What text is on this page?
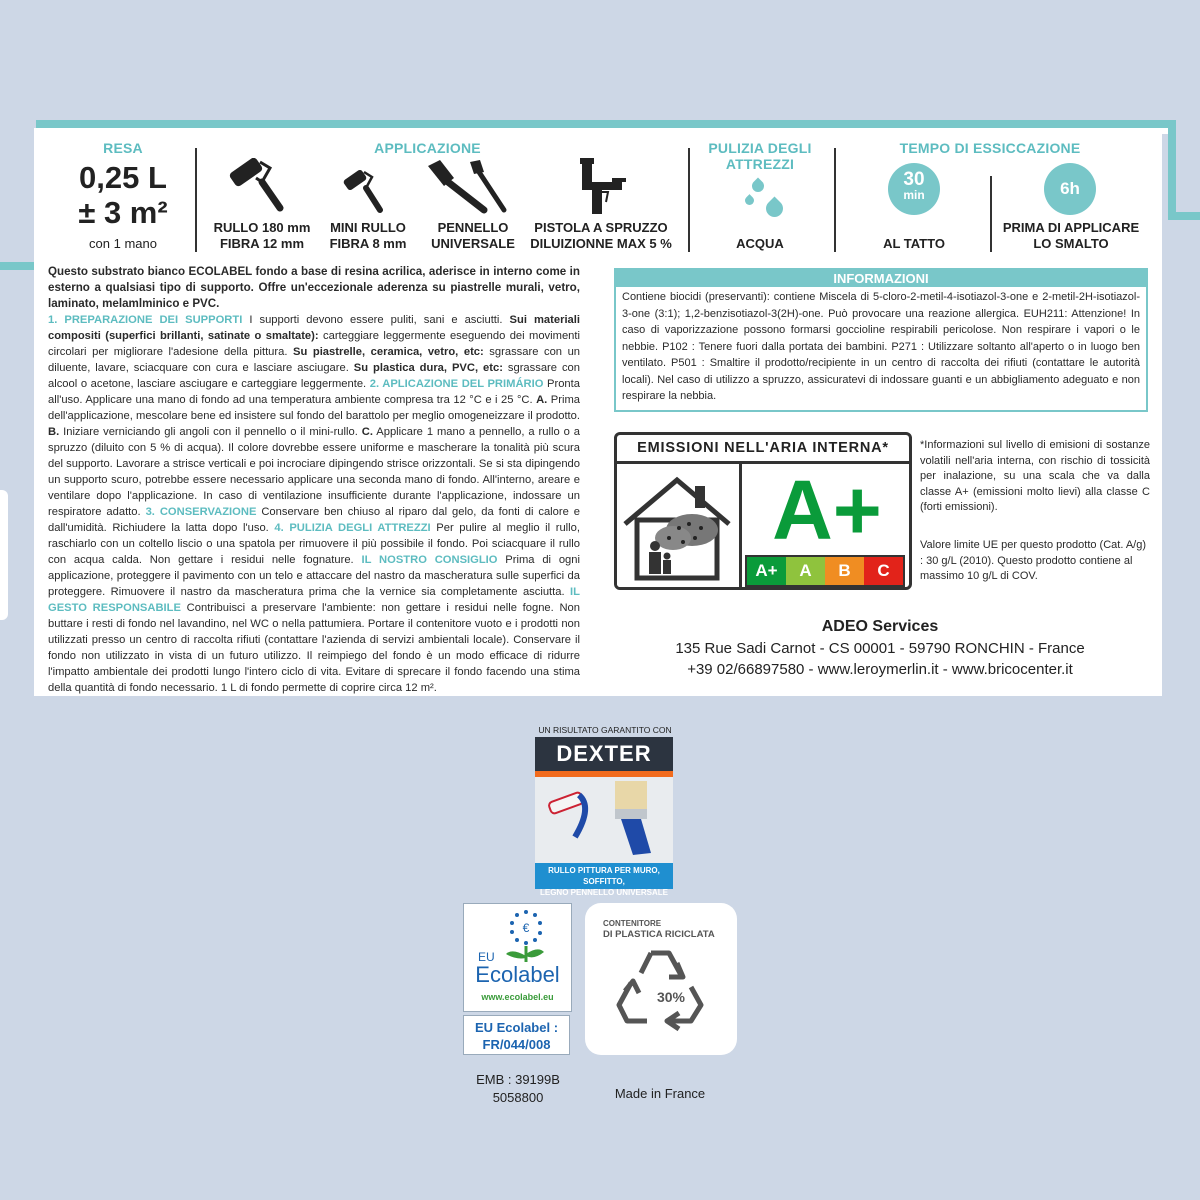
RESA
0,25 L
± 3 m²
con 1 mano
APPLICAZIONE
RULLO 180 mm
FIBRA 12 mm
MINI RULLO
FIBRA 8 mm
PENNELLO
UNIVERSALE
PISTOLA A SPRUZZO
DILUIZIONNE MAX 5 %
PULIZIA DEGLI
ATTREZZI
ACQUA
TEMPO DI ESSICCAZIONE
30
min
AL TATTO
6h
PRIMA DI APPLICARE
LO SMALTO

Questo substrato bianco ECOLABEL fondo a base di resina acrilica, aderisce in interno come in esterno a qualsiasi tipo di supporto. Offre un'eccezionale aderenza su piastrelle murali, vetro, laminato, melamlminico e PVC.

1. PREPARAZIONE DEI SUPPORTI I supporti devono essere puliti, sani e asciutti. Sui materiali compositi (superfici brillanti, satinate o smaltate): carteggiare leggermente eseguendo dei movimenti circolari per migliorare l'adesione della pittura. Su piastrelle, ceramica, vetro, etc: sgrassare con un diluente, lavare, sciacquare con cura e lasciare asciugare. Su plastica dura, PVC, etc: sgrassare con alcool o acetone, lasciare asciugare e carteggiare leggermente. 2. APLICAZIONE DEL PRIMÁRIO Pronta all'uso. Applicare una mano di fondo ad una temperatura ambiente compresa tra 12 °C e i 25 °C. A. Prima dell'applicazione, mescolare bene ed insistere sul fondo del barattolo per meglio omogeneizzare il prodotto. B. Iniziare verniciando gli angoli con il pennello o il mini-rullo. C. Applicare 1 mano a pennello, a rullo o a spruzzo (diluito con 5 % di acqua). Il colore dovrebbe essere uniforme e mascherare la tonalità più scura del supporto. Lavorare a strisce verticali e poi incrociare dipingendo strisce orizzontali. Se si sta dipingendo un supporto scuro, potrebbe essere necessario applicare una seconda mano di fondo. All'interno, areare e ventilare dopo l'applicazione. In caso di ventilazione insufficiente durante l'applicazione, indossare un respiratore adatto. 3. CONSERVAZIONE Conservare ben chiuso al riparo dal gelo, da fonti di calore e dall'umidità. Richiudere la latta dopo l'uso. 4. PULIZIA DEGLI ATTREZZI Per pulire al meglio il rullo, raschiarlo con un coltello liscio o una spatola per rimuovere il più possibile il fondo. Poi sciacquare il rullo con acqua calda. Non gettare i residui nelle fognature. IL NOSTRO CONSIGLIO Prima di ogni applicazione, proteggere il pavimento con un telo e attaccare del nastro da mascheratura sulle superfici da proteggere. Rimuovere il nastro da mascheratura prima che la vernice sia completamente asciutta. IL GESTO RESPONSABILE Contribuisci a preservare l'ambiente: non gettare i residui nelle fogne. Non buttare i resti di fondo nel lavandino, nel WC o nella pattumiera. Portare il contenitore vuoto e i prodotti non utilizzati presso un centro di raccolta rifiuti (contattare l'azienda di servizi ambientali locale). Conservare il fondo non utilizzato in vista di un futuro utilizzo. Il reimpiego del fondo è un modo efficace di ridurre l'impatto ambientale dei prodotti lungo l'intero ciclo di vita. Evitare di sprecare il fondo facendo una stima della quantità di fondo necessario. 1 L di fondo permette di coprire circa 12 m².

INFORMAZIONI
Contiene biocidi (preservanti): contiene Miscela di 5-cloro-2-metil-4-isotiazol-3-one e 2-metil-2H-isotiazol-3-one (3:1); 1,2-benzisotiazol-3(2H)-one. Può provocare una reazione allergica. EUH211: Attenzione! In caso di vaporizzazione possono formarsi goccioline respirabili pericolose. Non respirare i vapori o le nebbie. P102 : Tenere fuori dalla portata dei bambini. P271 : Utilizzare soltanto all'aperto o in luogo ben ventilato. P501 : Smaltire il prodotto/recipiente in un centro di raccolta dei rifiuti (contattare le autorità locali). Nel caso di utilizzo a spruzzo, assicuratevi di indossare guanti e un abbigliamento adeguato e non respirare la nebbia.
EMISSIONI NELL'ARIA INTERNA*
A+
A+	A	B	C
*Informazioni sul livello di emisioni di sostanze volatili nell'aria interna, con rischio di tossicità per inalazione, su una scala che va dalla classe A+ (emissioni molto lievi) alla classe C (forti emissioni).
Valore limite UE per questo prodotto (Cat. A/g) : 30 g/L (2010). Questo prodotto contiene al massimo 10 g/L di COV.
ADEO Services
135 Rue Sadi Carnot - CS 00001 - 59790 RONCHIN - France
+39 02/66897580 - www.leroymerlin.it - www.bricocenter.it
UN RISULTATO GARANTITO CON
DEXTER
RULLO PITTURA PER MURO, SOFFITTO,
LEGNO PENNELLO UNIVERSALE
€
EU
Ecolabel
www.ecolabel.eu
EU Ecolabel :
FR/044/008
CONTENITORE
DI PLASTICA RICICLATA
30%
EMB : 39199B
5058800	Made in France
